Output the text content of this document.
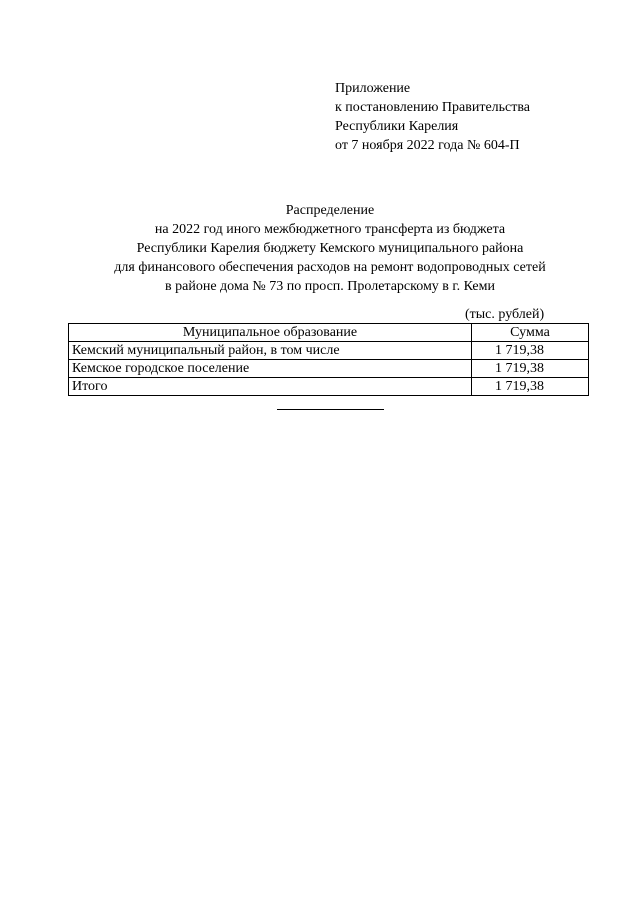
Приложение
к постановлению Правительства
Республики Карелия
от 7 ноября 2022 года № 604-П
Распределение
на 2022 год иного межбюджетного трансферта из бюджета
Республики Карелия бюджету Кемского муниципального района
для финансового обеспечения расходов на ремонт водопроводных сетей
в районе дома № 73 по просп. Пролетарскому в г. Кеми
(тыс. рублей)
Муниципальное образование	Сумма
Кемский муниципальный район, в том числе	1 719,38
Кемское городское поселение	1 719,38
Итого	1 719,38
